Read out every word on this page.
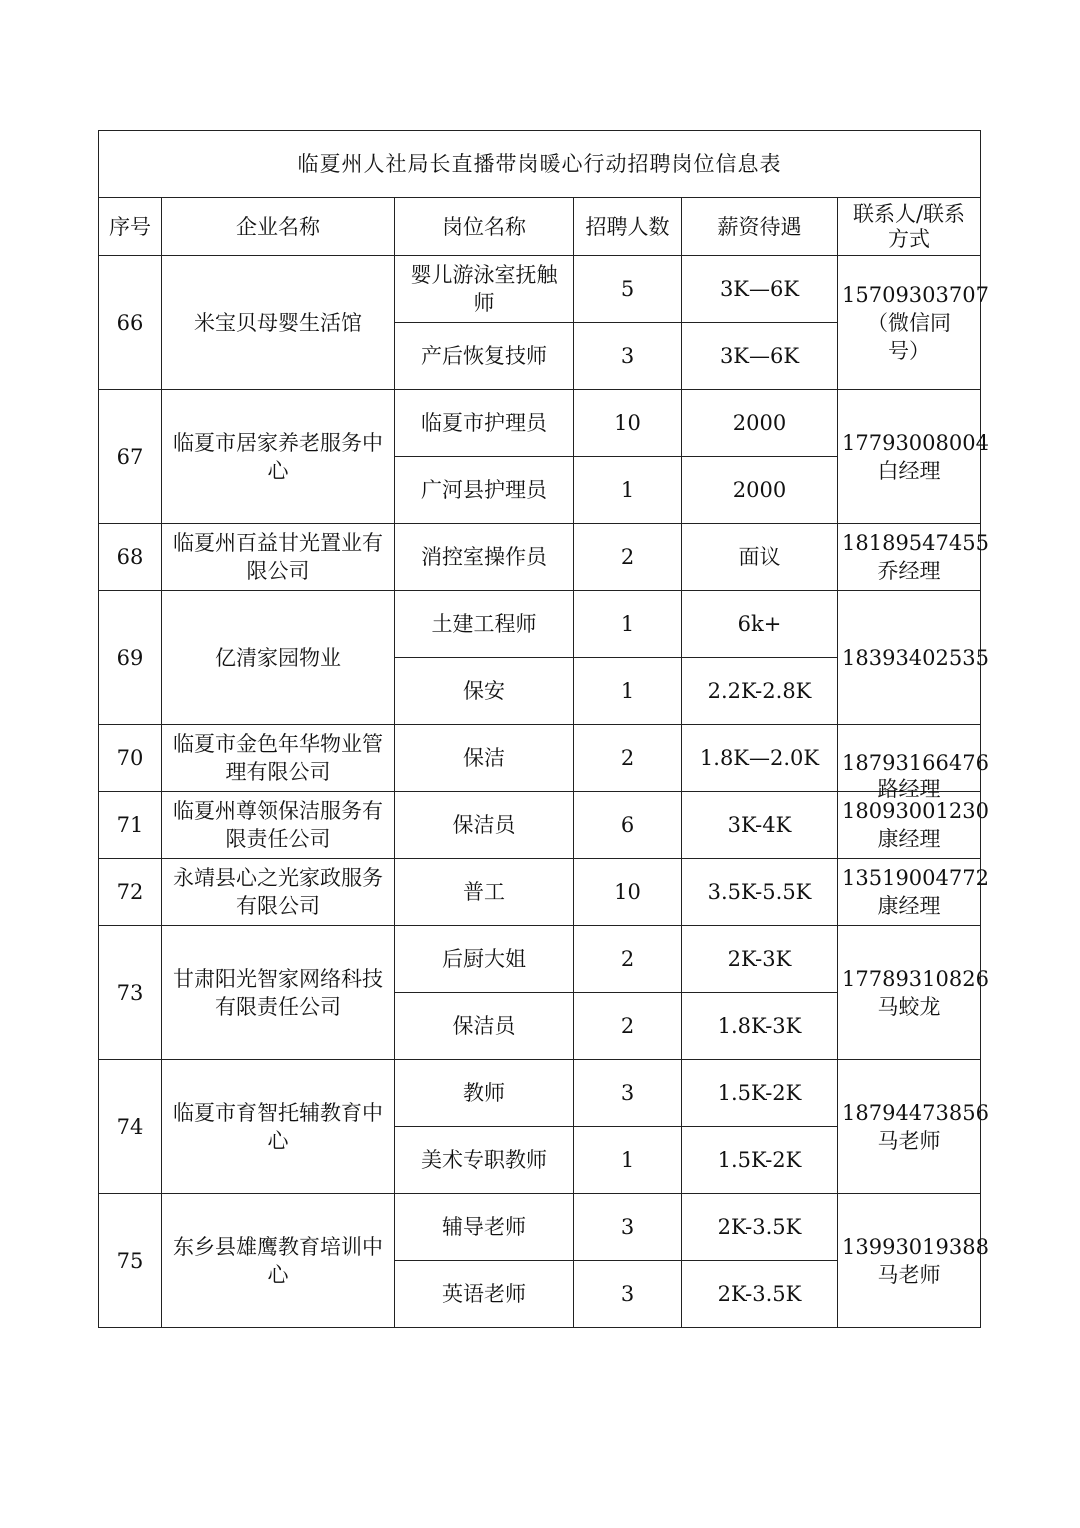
临夏州人社局长直播带岗暖心行动招聘岗位信息表					
序号	企业名称	岗位名称	招聘人数	薪资待遇	联系人/联系
方式

66	米宝贝母婴生活馆	婴儿游泳室抚触师	5	3K—6K	15709303707
（微信同
号）

		产后恢复技师	3	3K—6K	
67	临夏市居家养老服务中心	临夏市护理员	10	2000	17793008004
白经理

		广河县护理员	1	2000	
68	临夏州百益甘光置业有限公司	消控室操作员	2	面议	18189547455
乔经理

69	亿清家园物业	土建工程师	1	6k+	18393402535

		保安	1	2.2K-2.8K	
70	临夏市金色年华物业管理有限公司	保洁	2	1.8K—2.0K	18793166476
路经理

71	临夏州尊领保洁服务有限责任公司	保洁员	6	3K-4K	18093001230
康经理

72	永靖县心之光家政服务有限公司	普工	10	3.5K-5.5K	13519004772
康经理

73	甘肃阳光智家网络科技有限责任公司	后厨大姐	2	2K-3K	17789310826
马蛟龙

		保洁员	2	1.8K-3K	
74	临夏市育智托辅教育中心	教师	3	1.5K-2K	18794473856
马老师

		美术专职教师	1	1.5K-2K	
75	东乡县雄鹰教育培训中心	辅导老师	3	2K-3.5K	13993019388
马老师

		英语老师	3	2K-3.5K	
